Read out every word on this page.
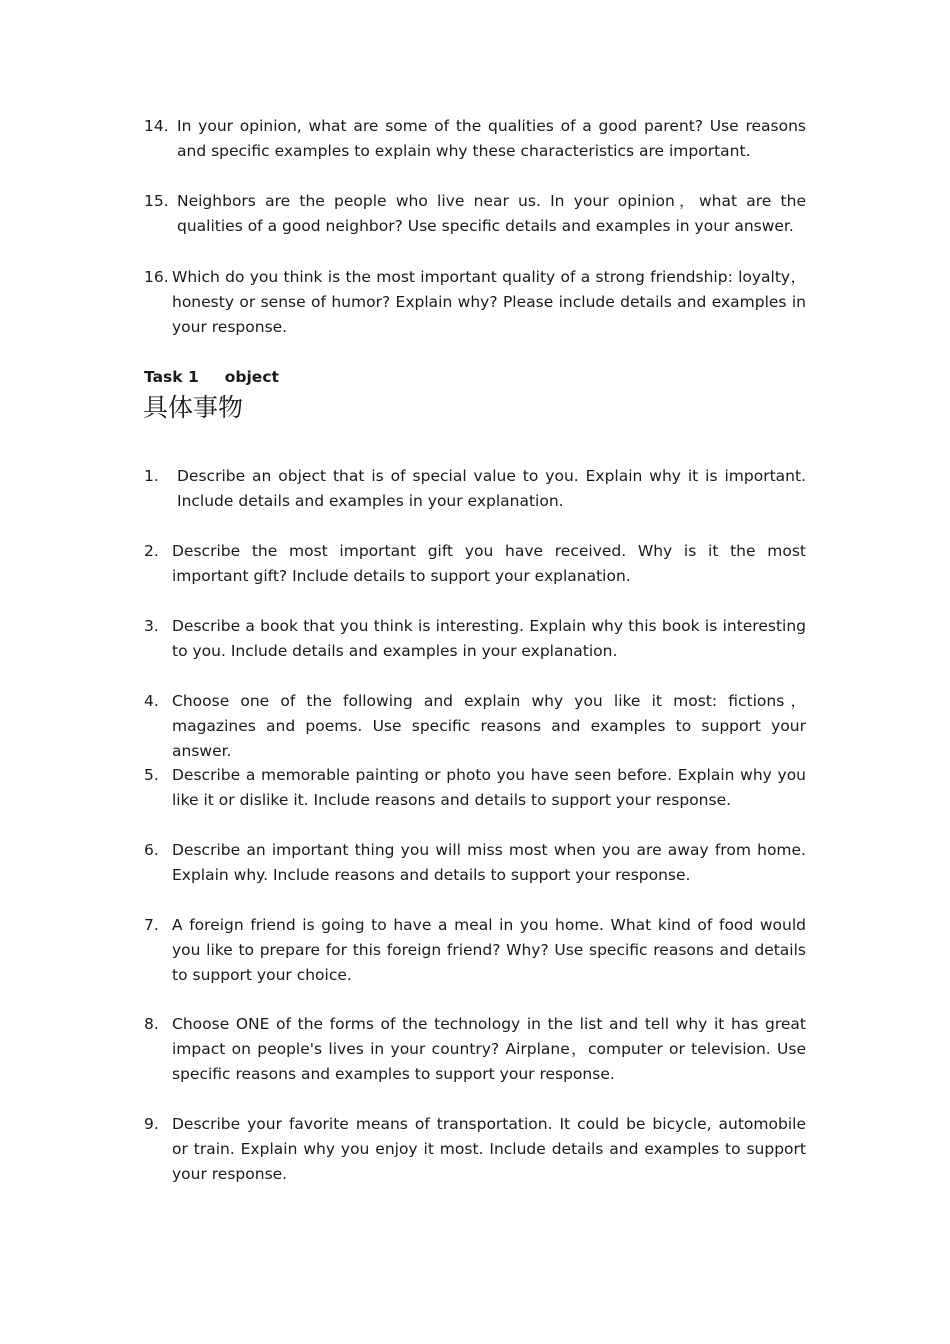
14. In your opinion, what are some of the qualities of a good parent? Use reasons and specific examples to explain why these characteristics are important.
15. Neighbors are the people who live near us. In your opinion，what are the qualities of a good neighbor? Use specific details and examples in your answer.
16. Which do you think is the most important quality of a strong friendship: loyalty，honesty or sense of humor? Explain why? Please include details and examples in your response.
Task 1 object
具体事物
1. Describe an object that is of special value to you. Explain why it is important. Include details and examples in your explanation.
2. Describe the most important gift you have received. Why is it the most important gift? Include details to support your explanation.
3. Describe a book that you think is interesting. Explain why this book is interesting to you. Include details and examples in your explanation.
4. Choose one of the following and explain why you like it most: fictions，magazines and poems. Use specific reasons and examples to support your answer.
5. Describe a memorable painting or photo you have seen before. Explain why you like it or dislike it. Include reasons and details to support your response.
6. Describe an important thing you will miss most when you are away from home. Explain why. Include reasons and details to support your response.
7. A foreign friend is going to have a meal in you home. What kind of food would you like to prepare for this foreign friend? Why? Use specific reasons and details to support your choice.
8. Choose ONE of the forms of the technology in the list and tell why it has great impact on people's lives in your country? Airplane，computer or television. Use specific reasons and examples to support your response.
9. Describe your favorite means of transportation. It could be bicycle, automobile or train. Explain why you enjoy it most. Include details and examples to support your response.
